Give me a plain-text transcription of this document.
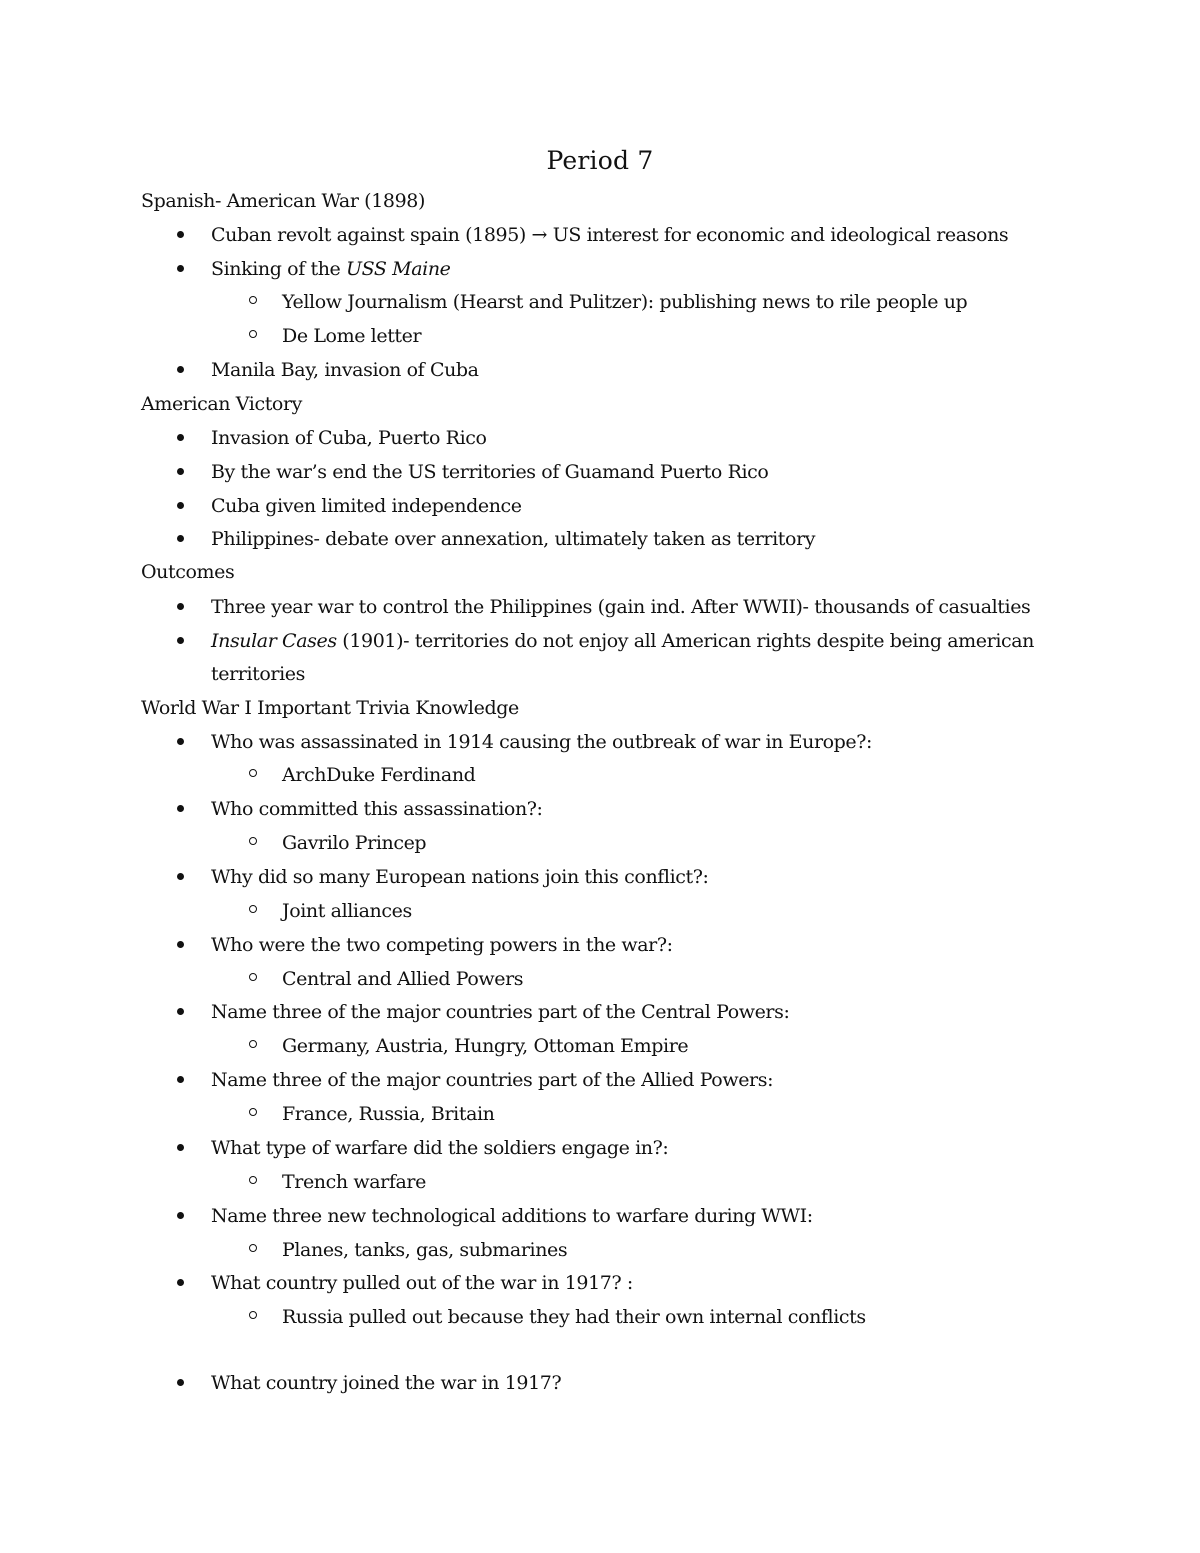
Period 7
Spanish- American War (1898)
Cuban revolt against spain (1895) → US interest for economic and ideological reasons
Sinking of the USS Maine
Yellow Journalism (Hearst and Pulitzer): publishing news to rile people up
De Lome letter
Manila Bay, invasion of Cuba
American Victory
Invasion of Cuba, Puerto Rico
By the war’s end the US territories of Guamand Puerto Rico
Cuba given limited independence
Philippines- debate over annexation, ultimately taken as territory
Outcomes
Three year war to control the Philippines (gain ind. After WWII)- thousands of casualties
Insular Cases (1901)- territories do not enjoy all American rights despite being american
territories
World War I Important Trivia Knowledge
Who was assassinated in 1914 causing the outbreak of war in Europe?:
ArchDuke Ferdinand
Who committed this assassination?:
Gavrilo Princep
Why did so many European nations join this conflict?:
Joint alliances
Who were the two competing powers in the war?:
Central and Allied Powers
Name three of the major countries part of the Central Powers:
Germany, Austria, Hungry, Ottoman Empire
Name three of the major countries part of the Allied Powers:
France, Russia, Britain
What type of warfare did the soldiers engage in?:
Trench warfare
Name three new technological additions to warfare during WWI:
Planes, tanks, gas, submarines
What country pulled out of the war in 1917? :
Russia pulled out because they had their own internal conflicts
What country joined the war in 1917?
